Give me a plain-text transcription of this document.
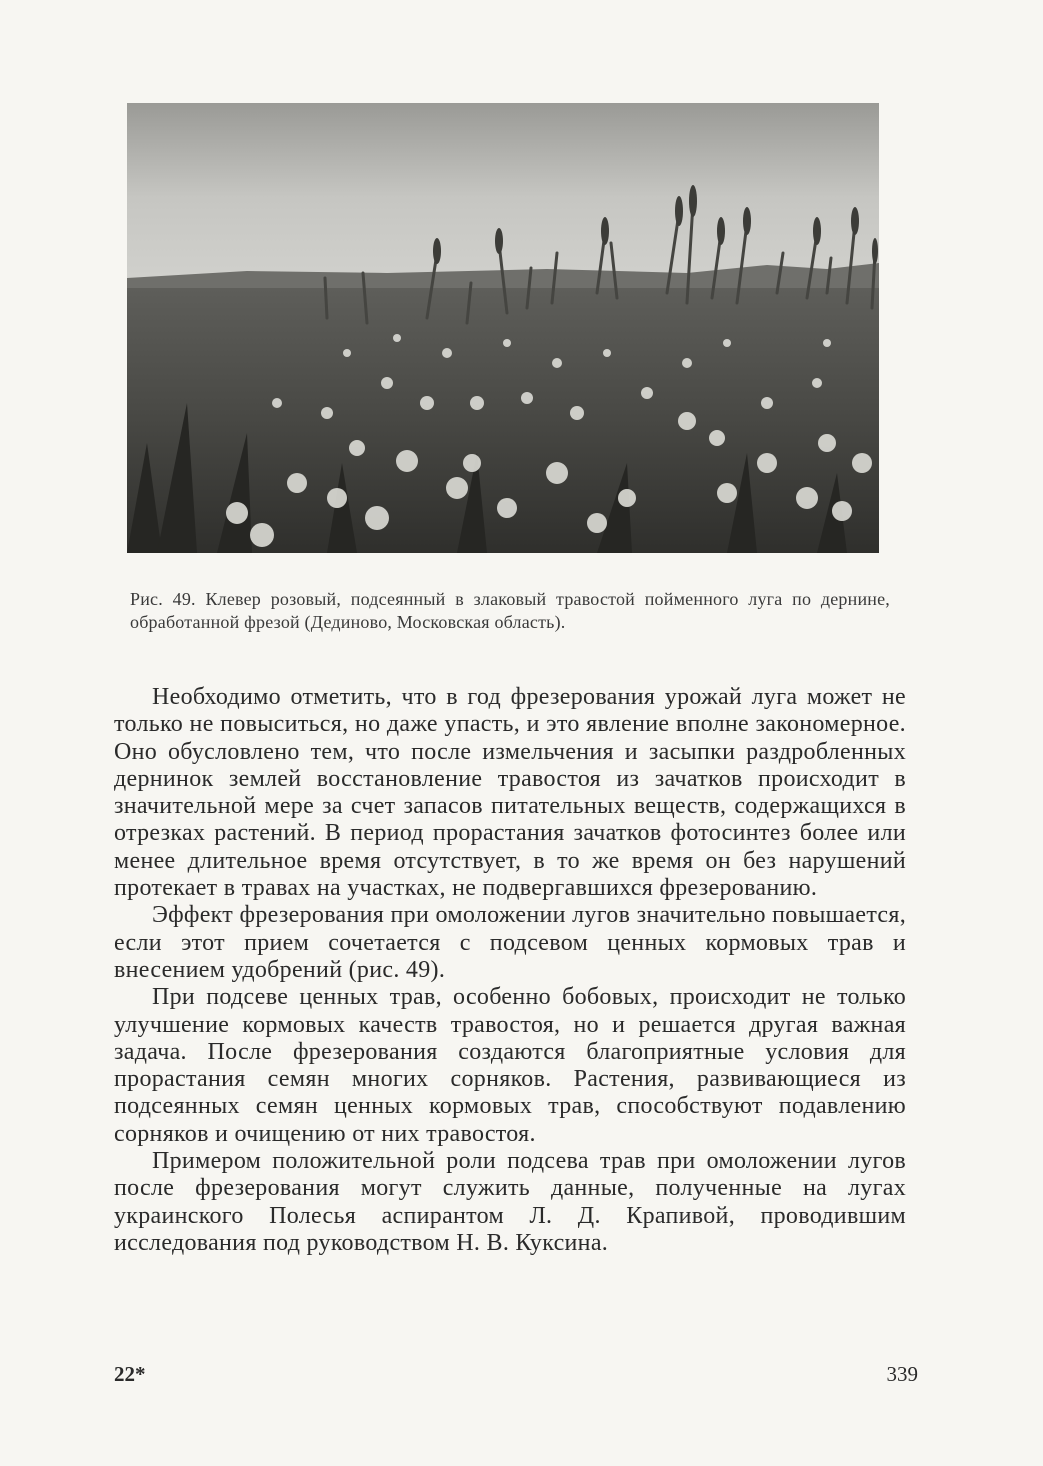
Рис. 49. Клевер розовый, подсеянный в злаковый травостой пойменного луга по дернине, обработанной фрезой (Дединово, Московская область).

Необходимо отметить, что в год фрезерования урожай луга может не только не повыситься, но даже упасть, и это явление вполне закономерное. Оно обусловлено тем, что после измельчения и засыпки раздробленных дернинок землей восстановление травостоя из зачатков происходит в значительной мере за счет запасов питательных веществ, содержащихся в отрезках растений. В период прорастания зачатков фотосинтез более или менее длительное время отсутствует, в то же время он без нарушений протекает в травах на участках, не подвергавшихся фрезерованию.

Эффект фрезерования при омоложении лугов значительно повышается, если этот прием сочетается с подсевом ценных кормовых трав и внесением удобрений (рис. 49).

При подсеве ценных трав, особенно бобовых, происходит не только улучшение кормовых качеств травостоя, но и решается другая важная задача. После фрезерования создаются благоприятные условия для прорастания семян многих сорняков. Растения, развивающиеся из подсеянных семян ценных кормовых трав, способствуют подавлению сорняков и очищению от них травостоя.

Примером положительной роли подсева трав при омоложении лугов после фрезерования могут служить данные, полученные на лугах украинского Полесья аспирантом Л. Д. Крапивой, проводившим исследования под руководством Н. В. Куксина.

22*	339
